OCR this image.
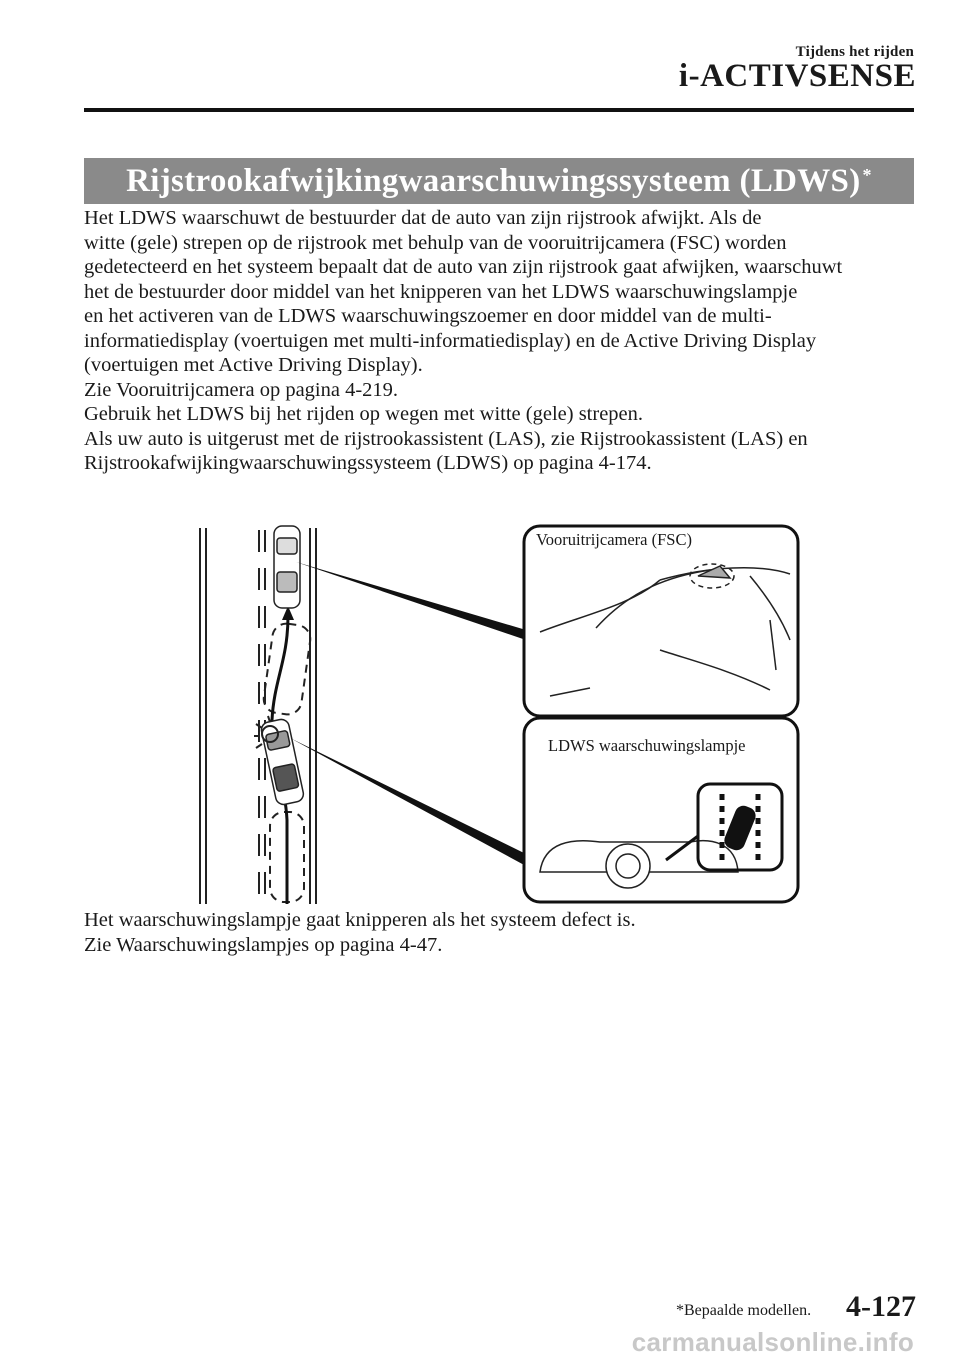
Tijdens het rijden
i-ACTIVSENSE
Rijstrookafwijkingwaarschuwingssysteem (LDWS)*

Het LDWS waarschuwt de bestuurder dat de auto van zijn rijstrook afwijkt. Als de

witte (gele) strepen op de rijstrook met behulp van de vooruitrijcamera (FSC) worden

gedetecteerd en het systeem bepaalt dat de auto van zijn rijstrook gaat afwijken, waarschuwt

het de bestuurder door middel van het knipperen van het LDWS waarschuwingslampje

en het activeren van de LDWS waarschuwingszoemer en door middel van de multi-

informatiedisplay (voertuigen met multi-informatiedisplay) en de Active Driving Display

(voertuigen met Active Driving Display).

Zie Vooruitrijcamera op pagina 4-219.

Gebruik het LDWS bij het rijden op wegen met witte (gele) strepen.

Als uw auto is uitgerust met de rijstrookassistent (LAS), zie Rijstrookassistent (LAS) en

Rijstrookafwijkingwaarschuwingssysteem (LDWS) op pagina 4-174.

Vooruitrijcamera (FSC)
LDWS waarschuwingslampje

Het waarschuwingslampje gaat knipperen als het systeem defect is.

Zie Waarschuwingslampjes op pagina 4-47.

*Bepaalde modellen. 4-127
carmanualsonline.info
